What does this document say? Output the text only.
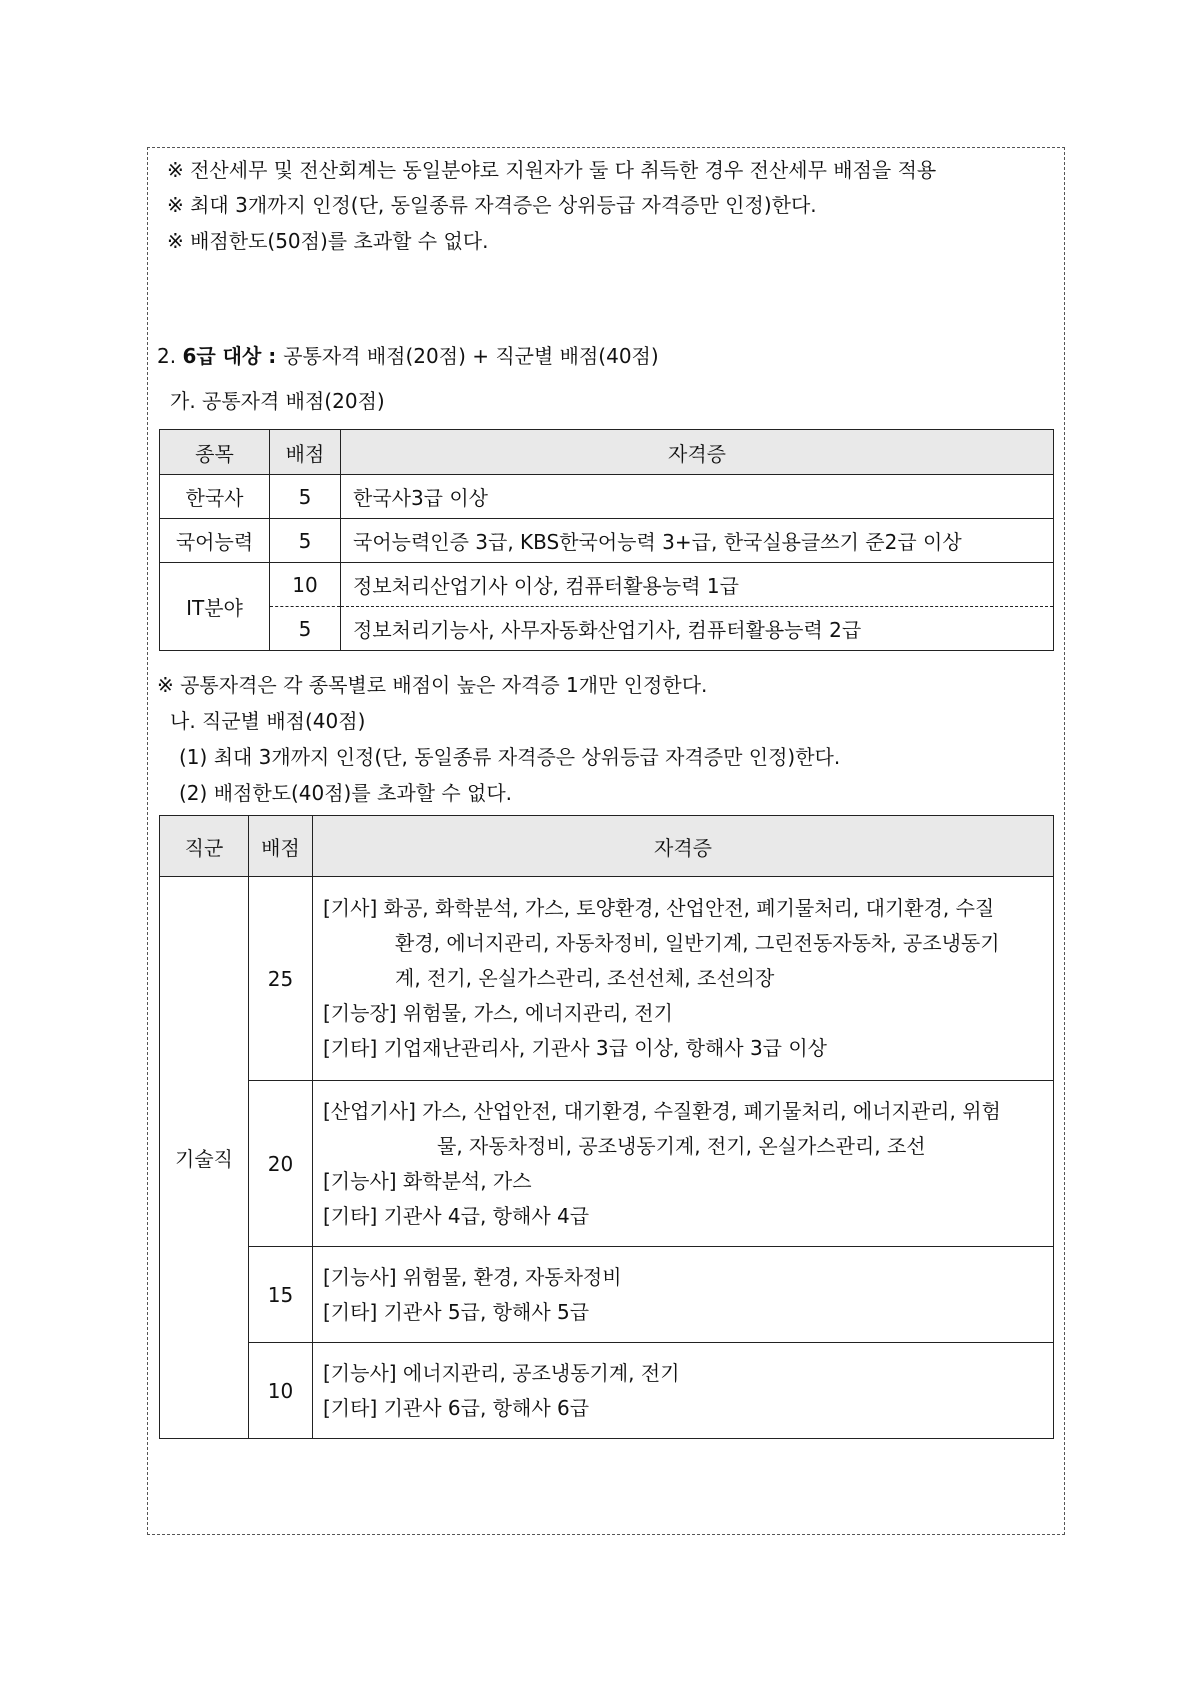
※ 전산세무 및 전산회계는 동일분야로 지원자가 둘 다 취득한 경우 전산세무 배점을 적용
※ 최대 3개까지 인정(단, 동일종류 자격증은 상위등급 자격증만 인정)한다.
※ 배점한도(50점)를 초과할 수 없다.
2. 6급 대상 : 공통자격 배점(20점) + 직군별 배점(40점)
가. 공통자격 배점(20점)
종목	배점	자격증
한국사	5	한국사3급 이상
국어능력	5	국어능력인증 3급, KBS한국어능력 3+급, 한국실용글쓰기 준2급 이상
IT분야	10	정보처리산업기사 이상, 컴퓨터활용능력 1급
	5	정보처리기능사, 사무자동화산업기사, 컴퓨터활용능력 2급
※ 공통자격은 각 종목별로 배점이 높은 자격증 1개만 인정한다.
나. 직군별 배점(40점)
(1) 최대 3개까지 인정(단, 동일종류 자격증은 상위등급 자격증만 인정)한다.
(2) 배점한도(40점)를 초과할 수 없다.
직군	배점	자격증
기술직	25	[기사] 화공, 화학분석, 가스, 토양환경, 산업안전, 폐기물처리, 대기환경, 수질
환경, 에너지관리, 자동차정비, 일반기계, 그린전동자동차, 공조냉동기
계, 전기, 온실가스관리, 조선선체, 조선의장
[기능장] 위험물, 가스, 에너지관리, 전기
[기타] 기업재난관리사, 기관사 3급 이상, 항해사 3급 이상

	20	[산업기사] 가스, 산업안전, 대기환경, 수질환경, 폐기물처리, 에너지관리, 위험
물, 자동차정비, 공조냉동기계, 전기, 온실가스관리, 조선
[기능사] 화학분석, 가스
[기타] 기관사 4급, 항해사 4급

	15	[기능사] 위험물, 환경, 자동차정비
[기타] 기관사 5급, 항해사 5급

	10	[기능사] 에너지관리, 공조냉동기계, 전기
[기타] 기관사 6급, 항해사 6급
